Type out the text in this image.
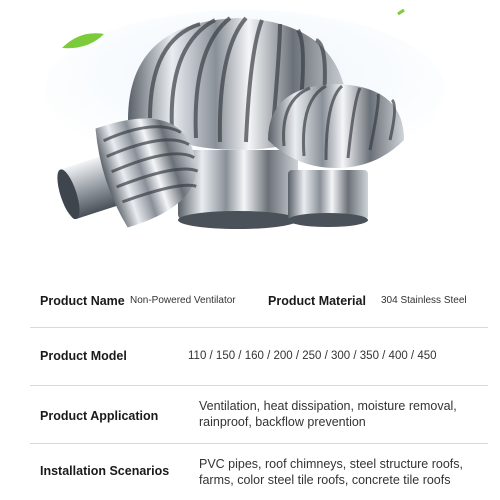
Product Name Non-Powered Ventilator	Product Material 304 Stainless Steel
Product Model	110 / 150 / 160 / 200 / 250 / 300 / 350 / 400 / 450
Product Application
Ventilation, heat dissipation, moisture removal,
rainproof, backflow prevention
Installation Scenarios PVC pipes, roof chimneys, steel structure roofs,
farms, color steel tile roofs, concrete tile roofs
